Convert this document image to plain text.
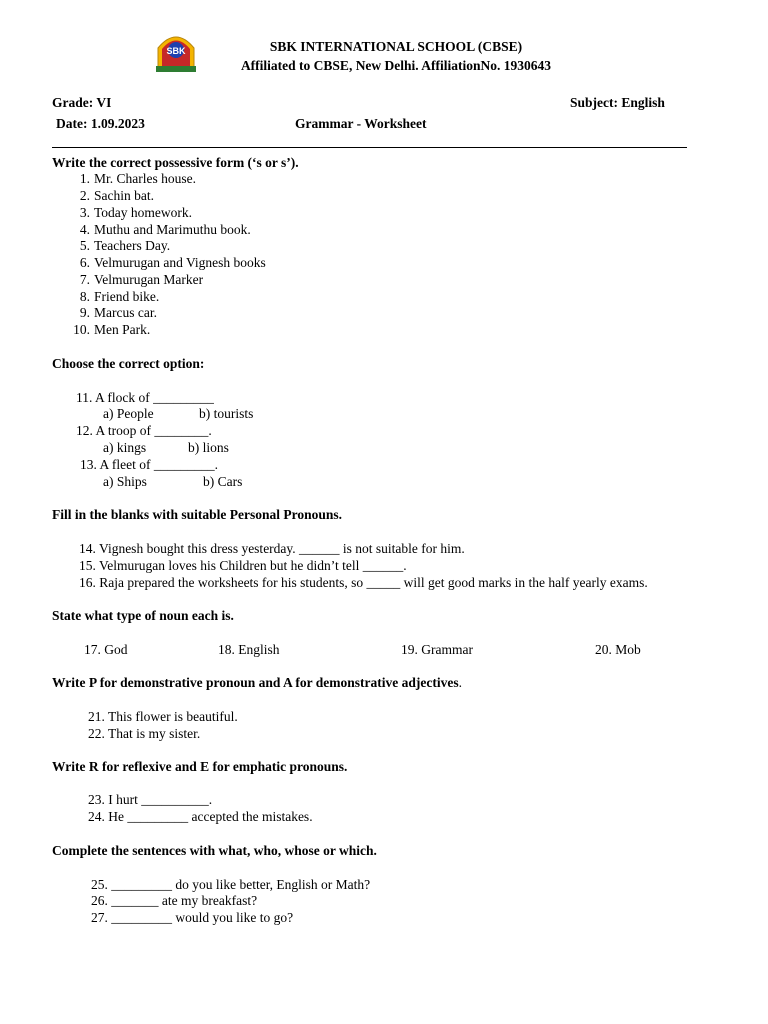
SBK	SBK INTERNATIONAL SCHOOL (CBSE)
Affiliated to CBSE, New Delhi. AffiliationNo. 1930643
Grade: VI	Subject: English
Date: 1.09.2023	Grammar - Worksheet
Write the correct possessive form (‘s or s’).
1. Mr. Charles house.
2. Sachin bat.
3. Today homework.
4. Muthu and Marimuthu book.
5. Teachers Day.
6. Velmurugan and Vignesh books
7. Velmurugan Marker
8. Friend bike.
9. Marcus car.
10. Men Park.
Choose the correct option:
11. A flock of _________
a) People	b) tourists
12. A troop of ________.
a) kings	b) lions
13. A fleet of _________.
a) Ships	b) Cars
Fill in the blanks with suitable Personal Pronouns.
14. Vignesh bought this dress yesterday. ______ is not suitable for him.
15. Velmurugan loves his Children but he didn’t tell ______.
16. Raja prepared the worksheets for his students, so _____ will get good marks in the half yearly exams.
State what type of noun each is.
17. God	18. English	19. Grammar	20. Mob
Write P for demonstrative pronoun and A for demonstrative adjectives.
21. This flower is beautiful.
22. That is my sister.
Write R for reflexive and E for emphatic pronouns.
23. I hurt __________.
24. He _________ accepted the mistakes.
Complete the sentences with what, who, whose or which.
25. _________ do you like better, English or Math?
26. _______ ate my breakfast?
27. _________ would you like to go?
